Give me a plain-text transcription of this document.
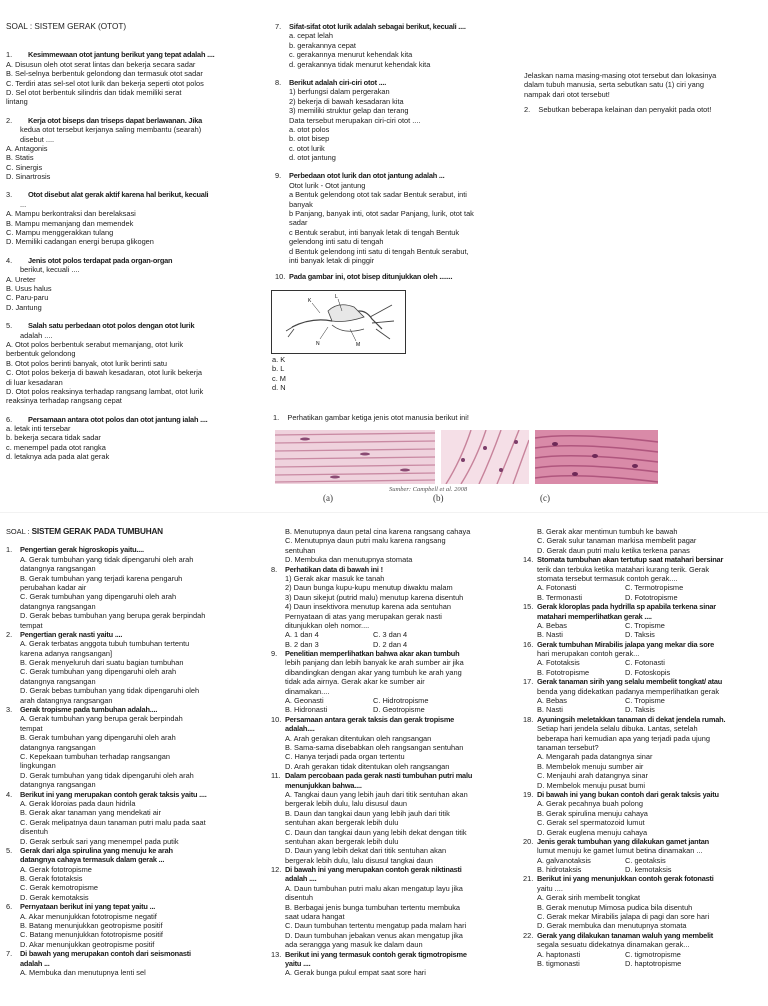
SOAL : SISTEM GERAK (OTOT)

1. Kesimmewaan otot jantung berikut yang tepat adalah ....

A. Disusun oleh otot serat lintas dan bekerja secara sadar

B. Sel-selnya berbentuk gelondong dan termasuk otot sadar

C. Terdiri atas sel-sel otot lurik dan bekerja seperti otot polos

D. Sel otot berbentuk silindris dan tidak memiliki serat

lintang

2. Kerja otot biseps dan triseps dapat berlawanan. Jika

kedua otot tersebut kerjanya saling membantu (searah)

disebut ....

A. Antagonis

B. Statis

C. Sinergis

D. Sinartrosis

3. Otot disebut alat gerak aktif karena hal berikut, kecuali

...

A. Mampu berkontraksi dan berelaksasi

B. Mampu memanjang dan memendek

C. Mampu menggerakkan tulang

D. Memiliki cadangan energi berupa glikogen

4. Jenis otot polos terdapat pada organ-organ

berikut, kecuali ....

A. Ureter

B. Usus halus

C. Paru-paru

D. Jantung

5. Salah satu perbedaan otot polos dengan otot lurik

adalah ....

A. Otot polos berbentuk serabut memanjang, otot lurik

berbentuk gelondong

B. Otot polos berinti banyak, otot lurik berinti satu

C. Otot polos bekerja di bawah kesadaran, otot lurik bekerja

di luar kesadaran

D. Otot polos reaksinya terhadap rangsang lambat, otot lurik

reaksinya terhadap rangsang cepat

6. Persamaan antara otot polos dan otot jantung ialah ....

a. letak inti tersebar

b. bekerja secara tidak sadar

c. menempel pada otot rangka

d. letaknya ada pada alat gerak

7. Sifat-sifat otot lurik adalah sebagai berikut, kecuali ....

a. cepat lelah

b. gerakannya cepat

c. gerakannya menurut kehendak kita

d. gerakannya tidak menurut kehendak kita

8. Berikut adalah ciri-ciri otot ....

1) berfungsi dalam pergerakan

2) bekerja di bawah kesadaran kita

3) memiliki struktur gelap dan terang

Data tersebut merupakan ciri-ciri otot ....

a. otot polos

b. otot bisep

c. otot lurik

d. otot jantung

9. Perbedaan otot lurik dan otot jantung adalah ...

Otot lurik - Otot jantung

a Bentuk gelendong otot tak sadar Bentuk serabut, inti

banyak

b Panjang, banyak inti, otot sadar Panjang, lurik, otot tak

sadar

c Bentuk serabut, inti banyak letak di tengah Bentuk

gelendong inti satu di tengah

d Bentuk gelendong inti satu di tengah Bentuk serabut,

inti banyak letak di pinggir

10. Pada gambar ini, otot bisep ditunjukkan oleh .......

K
L
M
N

a. K

b. L

c. M

d. N

Jelaskan nama masing-masing otot tersebut dan lokasinya

dalam tubuh manusia, serta sebutkan satu (1) ciri yang

nampak dari otot tersebut!

2. Sebutkan beberapa kelainan dan penyakit pada otot!

1. Perhatikan gambar ketiga jenis otot manusia berikut ini!

Sumber: Campbell et al. 2008
(a)	(b)	(c)

SOAL : SISTEM GERAK PADA TUMBUHAN

1. Pengertian gerak higroskopis yaitu....

A. Gerak tumbuhan yang tidak dipengaruhi oleh arah

datangnya rangsangan

B. Gerak tumbuhan yang terjadi karena pengaruh

perubahan kadar air

C. Gerak tumbuhan yang dipengaruhi oleh arah

datangnya rangsangan

D. Gerak bebas tumbuhan yang berupa gerak berpindah

tempat

2. Pengertian gerak nasti yaitu ....

A. Gerak terbatas anggota tubuh tumbuhan tertentu

karena adanya rangsangan]

B. Gerak menyeluruh dari suatu bagian tumbuhan

C. Gerak tumbuhan yang dipengaruhi oleh arah

datangnya rangsangan

D. Gerak bebas tumbuhan yang tidak dipengaruhi oleh

arah datangnya rangsangan

3. Gerak tropisme pada tumbuhan adalah....

A. Gerak tumbuhan yang berupa gerak berpindah

tempat

B. Gerak tumbuhan yang dipengaruhi oleh arah

datangnya rangsangan

C. Kepekaan tumbuhan terhadap rangsangan

lingkungan

D. Gerak tumbuhan yang tidak dipengaruhi oleh arah

datangnya rangsangan

4. Berikut ini yang merupakan contoh gerak taksis yaitu ....

A. Gerak kloroias pada daun hidrila

B. Gerak akar tanaman yang mendekati air

C. Gerak melipatnya daun tanaman putri malu pada saat

disentuh

D. Gerak serbuk sari yang menempel pada putik

5. Gerak dari alga spirulina yang menuju ke arah

datangnya cahaya termasuk dalam gerak ...

A. Gerak fototropisme

B. Gerak fototaksis

C. Gerak kemotropisme

D. Gerak kemotaksis

6. Pernyataan berikut ini yang tepat yaitu ...

A. Akar menunjukkan fototropisme negatif

B. Batang menunjukkan geotropisme positif

C. Batang menunjukkan fototropisme positif

D. Akar menunjukkan geotropisme positif

7. Di bawah yang merupakan contoh dari seismonasti

adalah ...

A. Membuka dan menutupnya lenti sel

B. Menutupnya daun petal cina karena rangsang cahaya

C. Menutupnya daun putri malu karena rangsang

sentuhan

D. Membuka dan menutupnya stomata

8. Perhatikan data di bawah ini !

1) Gerak akar masuk ke tanah

2) Daun bunga kupu-kupu menutup diwaktu malam

3) Daun sikejut (putrid malu) menutup karena disentuh

4) Daun insektivora menutup karena ada sentuhan

Pernyataan di atas yang merupakan gerak nasti

ditunjukkan oleh nomor....

A. 1 dan 4	C. 3 dan 4
B. 2 dan 3	D. 2 dan 4

9. Penelitian memperlihatkan bahwa akar akan tumbuh

lebih panjang dan lebih banyak ke arah sumber air jika

dibandingkan dengan akar yang tumbuh ke arah yang

tidak ada airnya. Gerak akar ke sumber air

dinamakan....

A. Geonasti	C. Hidrotropisme
B. Hidronasti	D. Geotropisme

10. Persamaan antara gerak taksis dan gerak tropisme

adalah....

A. Arah gerakan ditentukan oleh rangsangan

B. Sama-sama disebabkan oleh rangsangan sentuhan

C. Hanya terjadi pada organ tertentu

D. Arah gerakan tidak ditentukan oleh rangsangan

11. Dalam percobaan pada gerak nasti tumbuhan putri malu

menunjukkan bahwa....

A. Tangkai daun yang lebih jauh dari titik sentuhan akan

bergerak lebih dulu, lalu disusul daun

B. Daun dan tangkai daun yang lebih jauh dari titik

sentuhan akan bergerak lebih dulu

C. Daun dan tangkai daun yang lebih dekat dengan titik

sentuhan akan bergerak lebih dulu

D. Daun yang lebih dekat dari titik sentuhan akan

bergerak lebih dulu, lalu disusul tangkai daun

12. Di bawah ini yang merupakan contoh gerak niktinasti

adalah ....

A. Daun tumbuhan putri malu akan mengatup layu jika

disentuh

B. Berbagai jenis bunga tumbuhan tertentu membuka

saat udara hangat

C. Daun tumbuhan tertentu mengatup pada malam hari

D. Daun tumbuhan jebakan venus akan mengatup jika

ada serangga yang masuk ke dalam daun

13. Berikut ini yang termasuk contoh gerak tigmotropisme

yaitu ....

A. Gerak bunga pukul empat saat sore hari

B. Gerak akar mentimun tumbuh ke bawah

C. Gerak sulur tanaman markisa membelit pagar

D. Gerak daun putri malu ketika terkena panas

14. Stomata tumbuhan akan tertutup saat matahari bersinar

terik dan terbuka ketika matahari kurang terik. Gerak

stomata tersebut termasuk contoh gerak....

A. Fotonasti	C. Termotropisme
B. Termonasti	D. Fototropisme

15. Gerak kloroplas pada hydrilla sp apabila terkena sinar

matahari memperlihatkan gerak ....

A. Bebas	C. Tropisme
B. Nasti	D. Taksis

16. Gerak tumbuhan Mirabilis jalapa yang mekar dia sore

hari merupakan contoh gerak...

A. Fototaksis	C. Fotonasti
B. Fototropisme	D. Fotoskopis

17. Gerak tanaman sirih yang selalu membelit tongkat/ atau

benda yang didekatkan padanya memperlihatkan gerak

A. Bebas	C. Tropisme
B. Nasti	D. Taksis

18. Ayuningsih meletakkan tanaman di dekat jendela rumah.

Setiap hari jendela selalu dibuka. Lantas, setelah

beberapa hari kemudian apa yang terjadi pada ujung

tanaman tersebut?

A. Mengarah pada datangnya sinar

B. Membelok menuju sumber air

C. Menjauhi arah datangnya sinar

D. Membelok menuju pusat bumi

19. Di bawah ini yang bukan contoh dari gerak taksis yaitu

A. Gerak pecahnya buah polong

B. Gerak spirulina menuju cahaya

C. Gerak sel spermatozoid lumut

D. Gerak euglena menuju cahaya

20. Jenis gerak tumbuhan yang dilakukan gamet jantan

lumut menuju ke gamet lumut betina dinamakan ...

A. galvanotaksis	C. geotaksis
B. hidrotaksis	D. kemotaksis

21. Berikut ini yang menunjukkan contoh gerak fotonasti

yaitu ....

A. Gerak sirih membelit tongkat

B. Gerak menutup Mimosa pudica bila disentuh

C. Gerak mekar Mirabilis jalapa di pagi dan sore hari

D. Gerak membuka dan menutupnya stomata

22. Gerak yang dilakukan tanaman waluh yang membelit

segala sesuatu didekatnya dinamakan gerak...

A. haptonasti	C. tigmotropisme
B. tigmonasti	D. haptotropisme
